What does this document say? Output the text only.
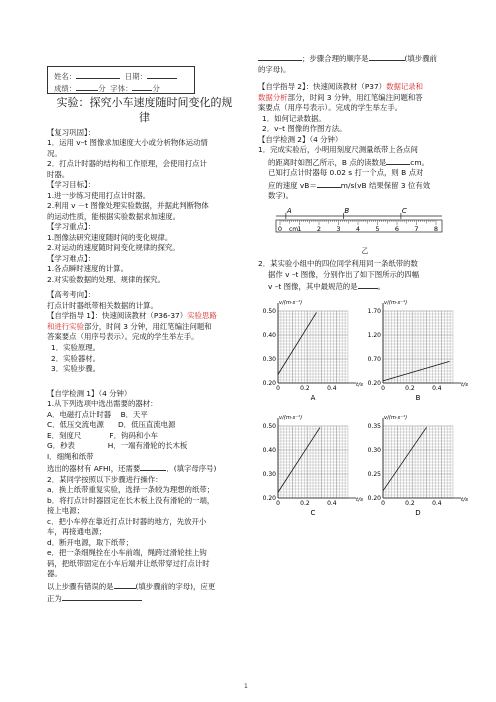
姓名：	日期：
成绩：	分 字体：	分
实验：探究小车速度随时间变化的规
律
【复习巩固】：
1．运用 v–t 图像求加速度大小或分析物体运动情
况。
2．打点计时器的结构和工作原理，会使用打点计
时器。
【学习目标】：
1.进一步练习使用打点计时器。
2.利用 v －t 图像处理实验数据，并据此判断物体
的运动性质，能根据实验数据求加速度。
【学习重点】：
1.图像法研究速度随时间的变化规律。
2.对运动的速度随时间变化规律的探究。
【学习难点】：
1.各点瞬时速度的计算。
2.对实验数据的处理、规律的探究。
【高考考向】：
打点计时器纸带相关数据的计算。
【自学指导 1】：快速阅读教材（P36-37）实验思路
和进行实验部分，时间 3 分钟，用红笔编注问题和
答案要点（用序号表示）。完成的学生举左手。
1．实验原理。
2．实验器材。
3．实验步骤。
【自学检测 1】（4 分钟）
1.从下列选项中选出需要的器材：
A．电磁打点计时器    B．天平
C．低压交流电源      D．低压直流电源
E．刻度尺            F．钩码和小车
G．秒表              H．一端有滑轮的长木板
I．细绳和纸带
选出的器材有 AFHI，还需要	．(填字母序号)
2．某同学按照以下步骤进行操作：
a．换上纸带重复实验，选择一条较为理想的纸带；
b．将打点计时器固定在长木板上没有滑轮的一端，
接上电源；
c．把小车停在靠近打点计时器的地方，先放开小
车，再接通电源；
d．断开电源，取下纸带；
e．把一条细绳拴在小车前端，绳跨过滑轮挂上钩
码，把纸带固定在小车后端并让纸带穿过打点计时
器。
以上步骤有错误的是	(填步骤前的字母)，应更
正为
；步骤合理的顺序是	(填步骤前
的字母)。
【自学指导 2】：快速阅读教材（P37）数据记录和
数据分析部分，时间 3 分钟，用红笔编注问题和答
案要点（用序号表示）。完成的学生举左手。
1．如何记录数据。
2．v–t 图像的作图方法。
【自学检测 2】（4 分钟）
1．完成实验后，小明用刻度尺测量纸带上各点间
的距离时如图乙所示，B 点的读数是	cm。
已知打点计时器每 0.02 s 打一个点，则 B 点对
应的速度 vB＝	m/s(vB 结果保留 3 位有效
数字)。
A	B	C
0 1 2 3 4 5 6 7 8
cm
乙
2．某实验小组中的四位同学利用同一条纸带的数
据作 v –t 图像，分别作出了如下图所示的四幅
v –t 图像，其中最规范的是	。
v/(m·s⁻¹)
t/s
0.50
0.40
0.30
0.20
0	0.2	0.4
A
v/(m·s⁻¹)
t/s
1.70
1.20
0.70
0.20
0	0.2	0.4
B
v/(m·s⁻¹)
t/s
0.50
0.40
0.30
0.20
0	0.2	0.4
C
v/(m·s⁻¹)
t/s
0.35
0.30
0.25
0.20
0	0.2	0.4
D
1
